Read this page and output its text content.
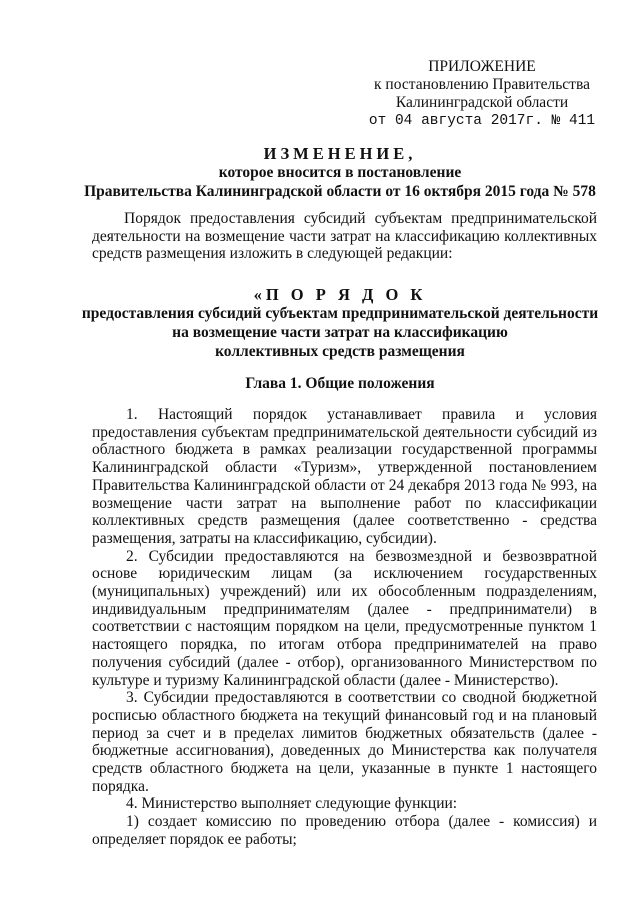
ПРИЛОЖЕНИЕ
к постановлению Правительства
Калининградской области
от 04 августа 2017г. № 411
ИЗМЕНЕНИЕ,
которое вносится в постановление
Правительства Калининградской области от 16 октября 2015 года № 578
Порядок предоставления субсидий субъектам предпринимательской деятельности на возмещение части затрат на классификацию коллективных средств размещения изложить в следующей редакции:
«П О Р Я Д О К
предоставления субсидий субъектам предпринимательской деятельности
на возмещение части затрат на классификацию
коллективных средств размещения
Глава 1. Общие положения

1. Настоящий порядок устанавливает правила и условия предоставления субъектам предпринимательской деятельности субсидий из областного бюджета в рамках реализации государственной программы Калининградской области «Туризм», утвержденной постановлением Правительства Калининградской области от 24 декабря 2013 года № 993, на возмещение части затрат на выполнение работ по классификации коллективных средств размещения (далее соответственно - средства размещения, затраты на классификацию, субсидии).

2. Субсидии предоставляются на безвозмездной и безвозвратной основе юридическим лицам (за исключением государственных (муниципальных) учреждений) или их обособленным подразделениям, индивидуальным предпринимателям (далее - предприниматели) в соответствии с настоящим порядком на цели, предусмотренные пунктом 1 настоящего порядка, по итогам отбора предпринимателей на право получения субсидий (далее - отбор), организованного Министерством по культуре и туризму Калининградской области (далее - Министерство).

3. Субсидии предоставляются в соответствии со сводной бюджетной росписью областного бюджета на текущий финансовый год и на плановый период за счет и в пределах лимитов бюджетных обязательств (далее - бюджетные ассигнования), доведенных до Министерства как получателя средств областного бюджета на цели, указанные в пункте 1 настоящего порядка.

4. Министерство выполняет следующие функции:

1) создает комиссию по проведению отбора (далее - комиссия) и определяет порядок ее работы;
